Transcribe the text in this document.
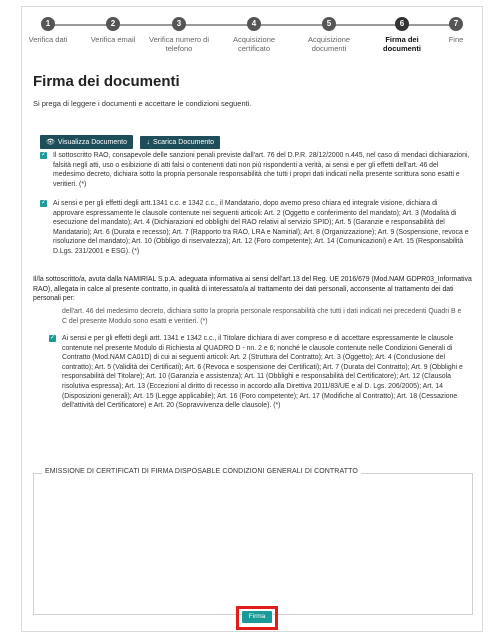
1
Verifica dati
2
Verifica email
3
Verifica numero di telefono
4
Acquisizione certificato
5
Acquisizione documenti
6
Firma dei documenti
7
Fine
Firma dei documenti
Si prega di leggere i documenti e accettare le condizioni seguenti.
👁 Visualizza Documento	↓ Scarica Documento
✓ Il sottoscritto RAO, consapevole delle sanzioni penali previste dall'art. 76 del D.P.R. 28/12/2000 n.445, nel caso di mendaci dichiarazioni, falsità negli atti, uso o esibizione di atti falsi o contenenti dati non più rispondenti a verità, ai sensi e per gli effetti dell'art. 46 del medesimo decreto, dichiara sotto la propria personale responsabilità che tutti i propri dati indicati nella presente scrittura sono esatti e veritieri. (*)
✓ Ai sensi e per gli effetti degli artt.1341 c.c. e 1342 c.c., il Mandatario, dopo avemo preso chiara ed integrale visione, dichiara di approvare espressamente le clausole contenute nei seguenti articoli: Art. 2 (Oggetto e conferimento del mandato); Art. 3 (Modalità di esecuzione del mandato); Art. 4 (Dichiarazioni ed obblighi del RAO relativi al servizio SPID); Art. 5 (Garanzie e responsabilità del Mandatario); Art. 6 (Durata e recesso); Art. 7 (Rapporto tra RAO, LRA e Namirial); Art. 8 (Organizzazione); Art. 9 (Sospensione, revoca e risoluzione del mandato); Art. 10 (Obbligo di riservatezza); Art. 12 (Foro competente); Art. 14 (Comunicazioni) e Art. 15 (Responsabilità D.Lgs. 231/2001 e ESG). (*)
Il/la sottoscritto/a, avuta dalla NAMIRIAL S.p.A. adeguata informativa ai sensi dell'art.13 del Reg. UE 2016/679 (Mod.NAM GDPR03_Informativa RAO), allegata in calce al presente contratto, in qualità di interessato/a al trattamento dei dati personali, acconsente al trattamento dei dati personali per:
dell'art. 46 del medesimo decreto, dichiara sotto la propria personale responsabilità che tutti i dati indicati nei precedenti Quadri B e C del presente Modulo sono esatti e veritieri. (*)
✓ Ai sensi e per gli effetti degli artt. 1341 e 1342 c.c., il Titolare dichiara di aver compreso e di accettare espressamente le clausole contenute nel presente Modulo di Richiesta al QUADRO D - nn. 2 e 6; nonché le clausole contenute nelle Condizioni Generali di Contratto (Mod.NAM CA01D) di cui ai seguenti articoli: Art. 2 (Struttura del Contratto); Art. 3 (Oggetto); Art. 4 (Conclusione del contratto); Art. 5 (Validità dei Certificati); Art. 6 (Revoca e sospensione dei Certificati); Art. 7 (Durata del Contratto); Art. 9 (Obblighi e responsabilità del Titolare); Art. 10 (Garanzia e assistenza); Art. 11 (Obblighi e responsabilità del Certificatore); Art. 12 (Clausola risolutiva espressa); Art. 13 (Eccezioni al diritto di recesso in accordo alla Direttiva 2011/83/UE e al D. Lgs. 206/2005); Art. 14 (Disposizioni generali); Art. 15 (Legge applicabile); Art. 16 (Foro competente); Art. 17 (Modifiche al Contratto); Art. 18 (Cessazione dell'attività del Certificatore) e Art. 20 (Sopravvivenza delle clausole). (*)
EMISSIONE DI CERTIFICATI DI FIRMA DISPOSABLE CONDIZIONI GENERALI DI CONTRATTO
Firma
